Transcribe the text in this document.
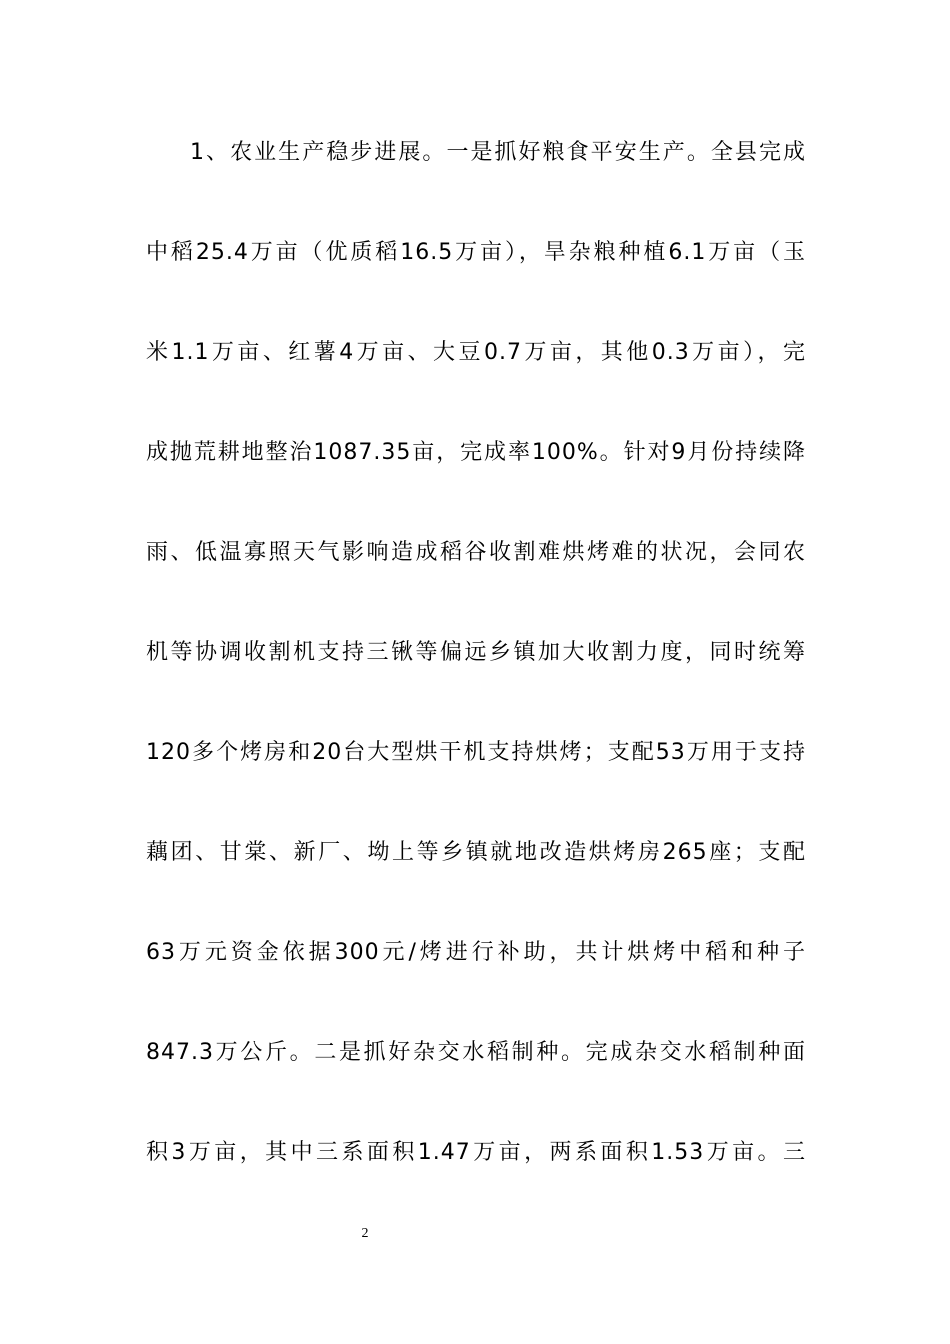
1、农业生产稳步进展。一是抓好粮食平安生产。全县完成
中稻25.4万亩（优质稻16.5万亩），旱杂粮种植6.1万亩（玉
米1.1万亩、红薯4万亩、大豆0.7万亩，其他0.3万亩），完
成抛荒耕地整治1087.35亩，完成率100%。针对9月份持续降
雨、低温寡照天气影响造成稻谷收割难烘烤难的状况，会同农
机等协调收割机支持三锹等偏远乡镇加大收割力度，同时统筹
120多个烤房和20台大型烘干机支持烘烤；支配53万用于支持
藕团、甘棠、新厂、坳上等乡镇就地改造烘烤房265座；支配
63万元资金依据300元/烤进行补助，共计烘烤中稻和种子
847.3万公斤。二是抓好杂交水稻制种。完成杂交水稻制种面
积3万亩，其中三系面积1.47万亩，两系面积1.53万亩。三
2
